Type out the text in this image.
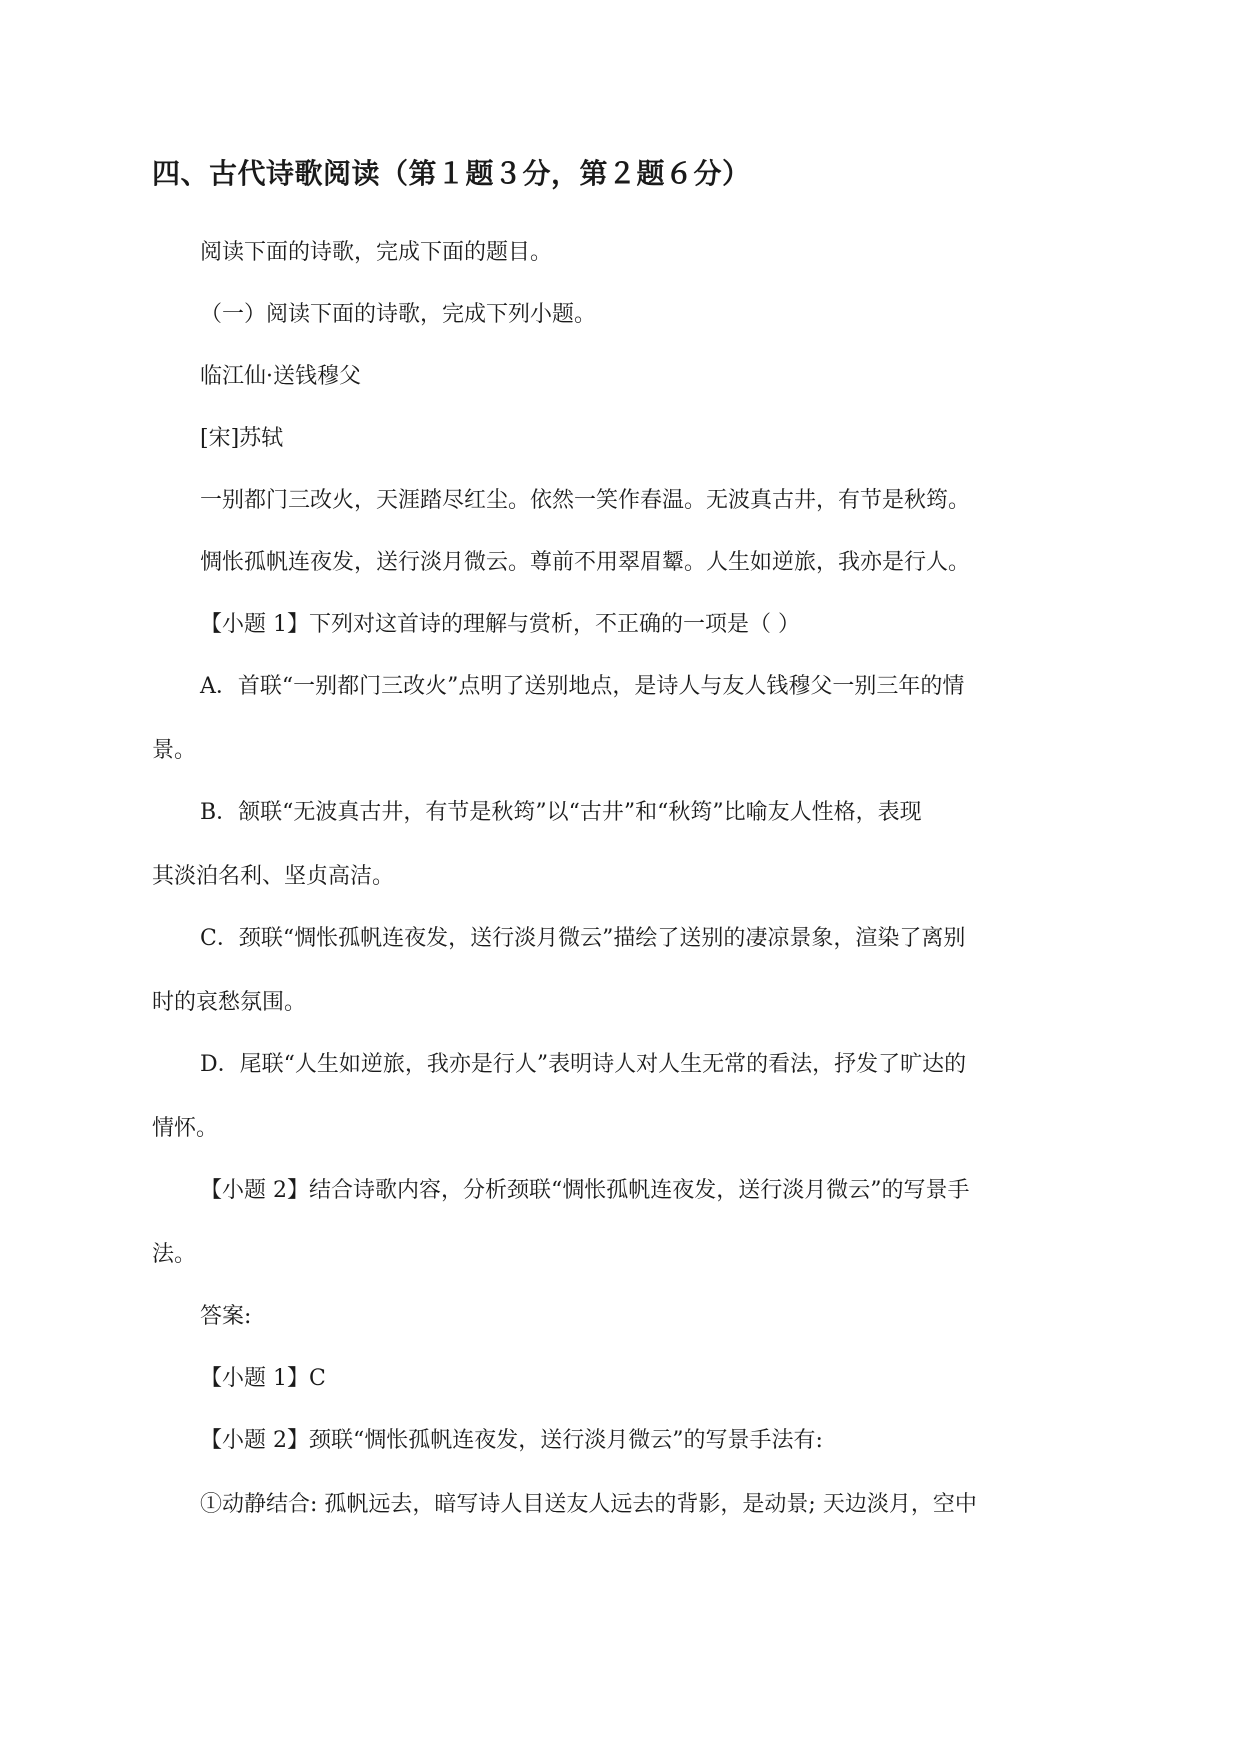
四、古代诗歌阅读（第１题３分，第２题６分）
阅读下面的诗歌，完成下面的题目。
（一）阅读下面的诗歌，完成下列小题。
临江仙·送钱穆父
[宋]苏轼
一别都门三改火，天涯踏尽红尘。依然一笑作春温。无波真古井，有节是秋筠。
惆怅孤帆连夜发，送行淡月微云。尊前不用翠眉颦。人生如逆旅，我亦是行人。
【小题 1】下列对这首诗的理解与赏析，不正确的一项是（ ）
A．首联“一别都门三改火”点明了送别地点，是诗人与友人钱穆父一别三年的情
景。
B．颔联“无波真古井，有节是秋筠”以“古井”和“秋筠”比喻友人性格，表现
其淡泊名利、坚贞高洁。
C．颈联“惆怅孤帆连夜发，送行淡月微云”描绘了送别的凄凉景象，渲染了离别
时的哀愁氛围。
D．尾联“人生如逆旅，我亦是行人”表明诗人对人生无常的看法，抒发了旷达的
情怀。
【小题 2】结合诗歌内容，分析颈联“惆怅孤帆连夜发，送行淡月微云”的写景手
法。
答案:
【小题 1】C
【小题 2】颈联“惆怅孤帆连夜发，送行淡月微云”的写景手法有:
①动静结合: 孤帆远去，暗写诗人目送友人远去的背影，是动景; 天边淡月，空中
